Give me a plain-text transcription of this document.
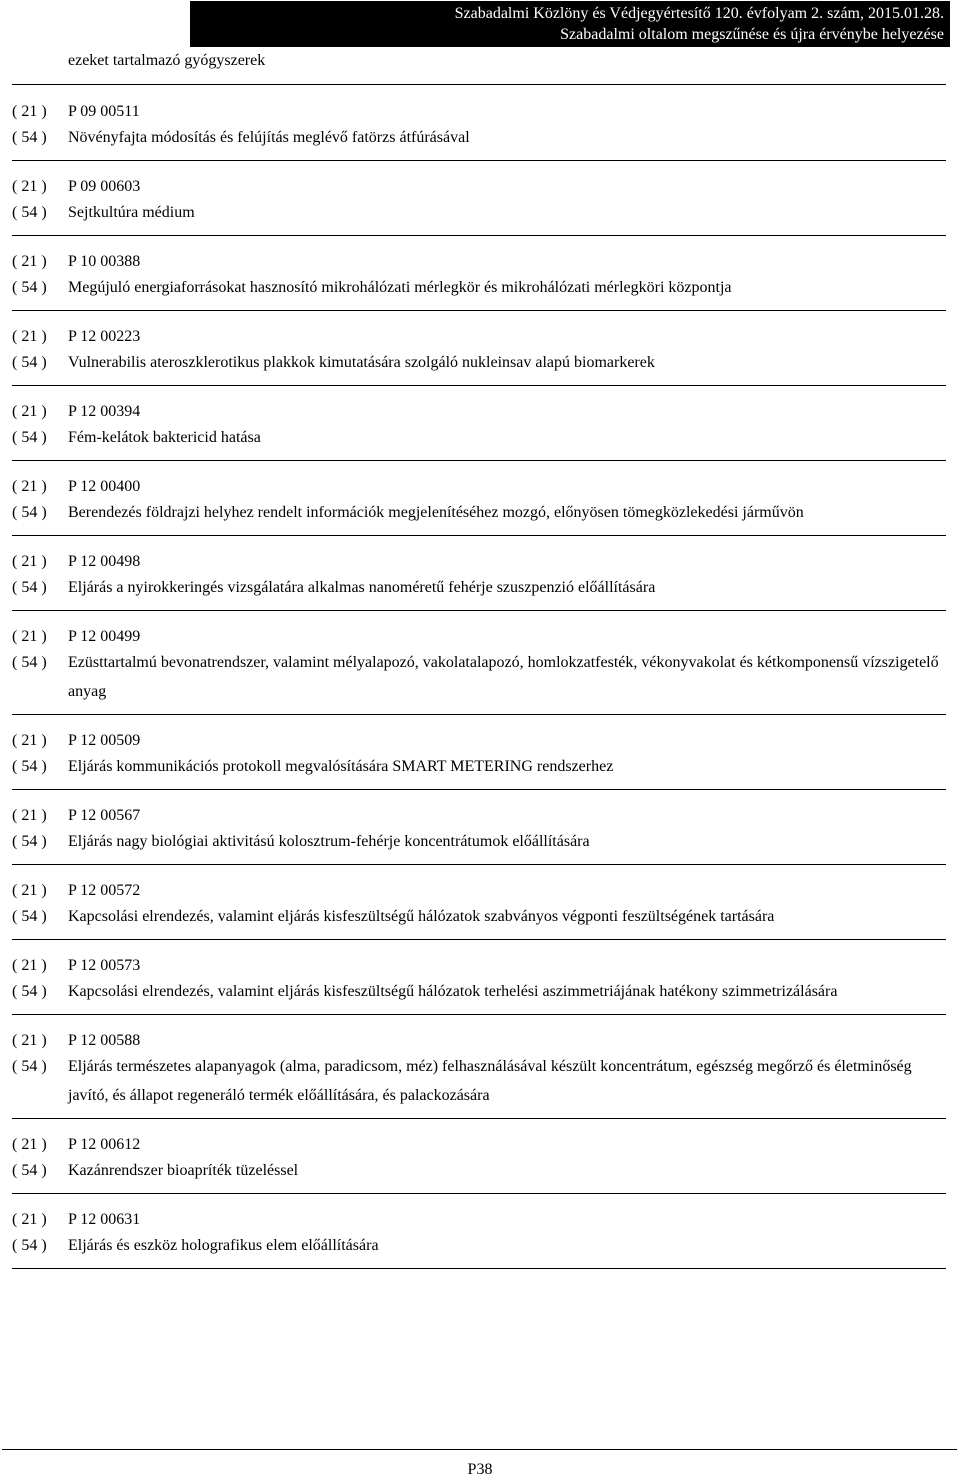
Szabadalmi Közlöny és Védjegyértesítő 120. évfolyam 2. szám, 2015.01.28.
Szabadalmi oltalom megszűnése és újra érvénybe helyezése
ezeket tartalmazó gyógyszerek
( 21 )	P 09 00511
( 54 )	Növényfajta módosítás és felújítás meglévő fatörzs átfúrásával
( 21 )	P 09 00603
( 54 )	Sejtkultúra médium
( 21 )	P 10 00388
( 54 )	Megújuló energiaforrásokat hasznosító mikrohálózati mérlegkör és mikrohálózati mérlegköri központja
( 21 )	P 12 00223
( 54 )	Vulnerabilis ateroszklerotikus plakkok kimutatására szolgáló nukleinsav alapú biomarkerek
( 21 )	P 12 00394
( 54 )	Fém-kelátok baktericid hatása
( 21 )	P 12 00400
( 54 )	Berendezés földrajzi helyhez rendelt információk megjelenítéséhez mozgó, előnyösen tömegközlekedési járművön
( 21 )	P 12 00498
( 54 )	Eljárás a nyirokkeringés vizsgálatára alkalmas nanoméretű fehérje szuszpenzió előállítására
( 21 )	P 12 00499
( 54 )	Ezüsttartalmú bevonatrendszer, valamint mélyalapozó, vakolatalapozó, homlokzatfesték, vékonyvakolat és kétkomponensű vízszigetelő anyag
( 21 )	P 12 00509
( 54 )	Eljárás kommunikációs protokoll megvalósítására SMART METERING rendszerhez
( 21 )	P 12 00567
( 54 )	Eljárás nagy biológiai aktivitású kolosztrum-fehérje koncentrátumok előállítására
( 21 )	P 12 00572
( 54 )	Kapcsolási elrendezés, valamint eljárás kisfeszültségű hálózatok szabványos végponti feszültségének tartására
( 21 )	P 12 00573
( 54 )	Kapcsolási elrendezés, valamint eljárás kisfeszültségű hálózatok terhelési aszimmetriájának hatékony szimmetrizálására
( 21 )	P 12 00588
( 54 )	Eljárás természetes alapanyagok (alma, paradicsom, méz) felhasználásával készült koncentrátum, egészség megőrző és életminőség javító, és állapot regeneráló termék előállítására, és palackozására
( 21 )	P 12 00612
( 54 )	Kazánrendszer bioapríték tüzeléssel
( 21 )	P 12 00631
( 54 )	Eljárás és eszköz holografikus elem előállítására
P38
